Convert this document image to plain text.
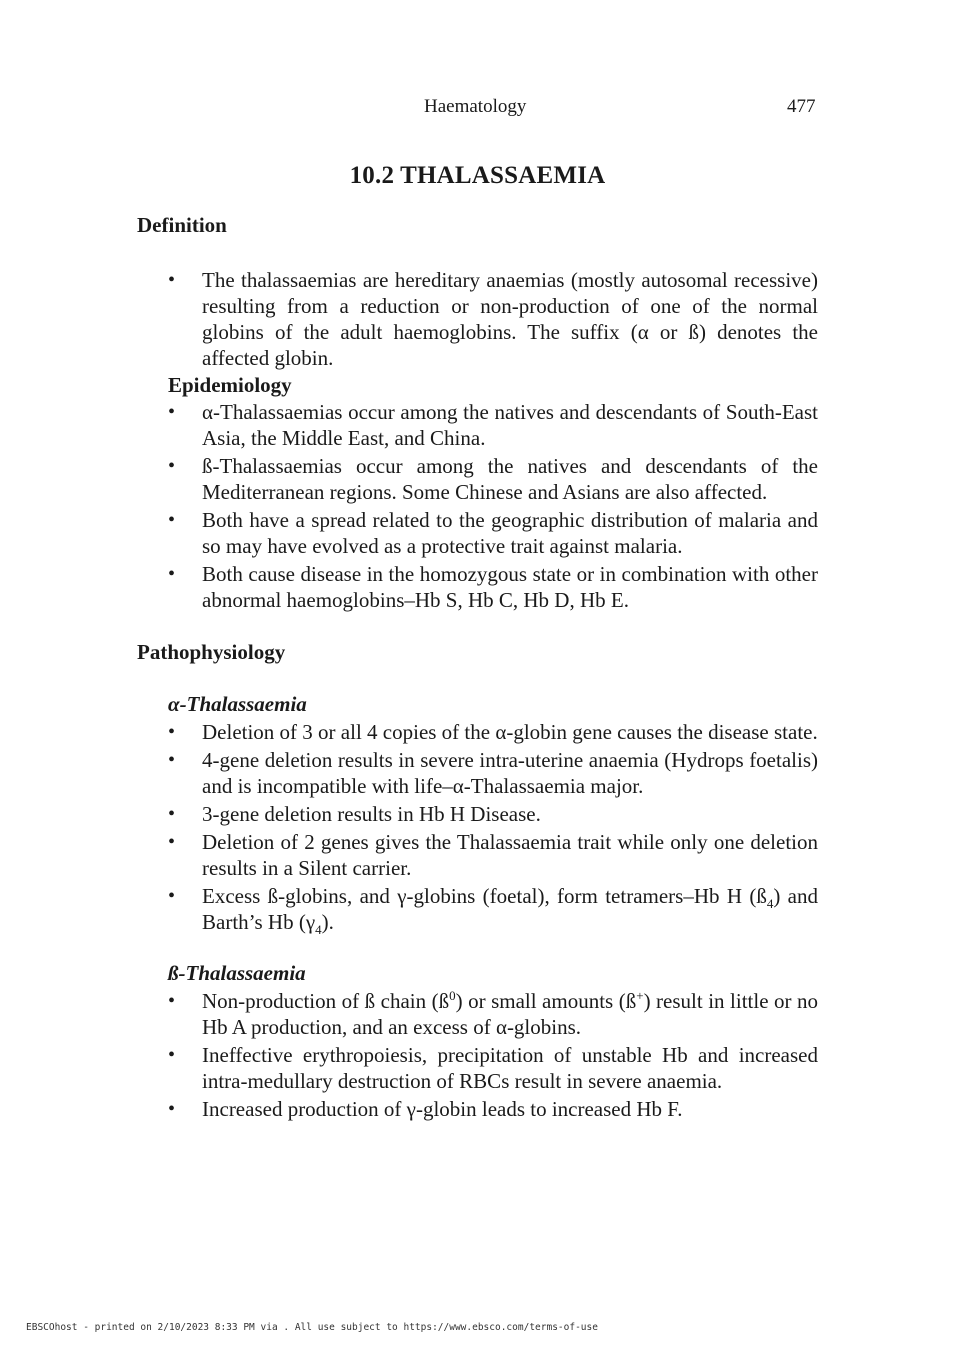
Haematology	477
10.2 THALASSAEMIA
Definition
• The thalassaemias are hereditary anaemias (mostly autosomal recessive) resulting from a reduction or non-production of one of the normal globins of the adult haemoglobins. The suffix (α or ß) denotes the affected globin.
Epidemiology
• α-Thalassaemias occur among the natives and descendants of South-East Asia, the Middle East, and China.
• ß-Thalassaemias occur among the natives and descendants of the Mediterranean regions. Some Chinese and Asians are also affected.
• Both have a spread related to the geographic distribution of malaria and so may have evolved as a protective trait against malaria.
• Both cause disease in the homozygous state or in combination with other abnormal haemoglobins–Hb S, Hb C, Hb D, Hb E.
Pathophysiology
α-Thalassaemia
• Deletion of 3 or all 4 copies of the α-globin gene causes the disease state.
• 4-gene deletion results in severe intra-uterine anaemia (Hydrops foetalis) and is incompatible with life–α-Thalassaemia major.
• 3-gene deletion results in Hb H Disease.
• Deletion of 2 genes gives the Thalassaemia trait while only one deletion results in a Silent carrier.
• Excess ß-globins, and γ-globins (foetal), form tetramers–Hb H $(ß_4)$ and Barth’s Hb $(\gamma_4)$.
ß-Thalassaemia
• Non-production of ß chain $(ß^0)$ or small amounts (ß+) result in little or no Hb A production, and an excess of α-globins.
• Ineffective erythropoiesis, precipitation of unstable Hb and increased intra-medullary destruction of RBCs result in severe anaemia.
• Increased production of γ-globin leads to increased Hb F.
EBSCOhost - printed on 2/10/2023 8:33 PM via . All use subject to https://www.ebsco.com/terms-of-use
